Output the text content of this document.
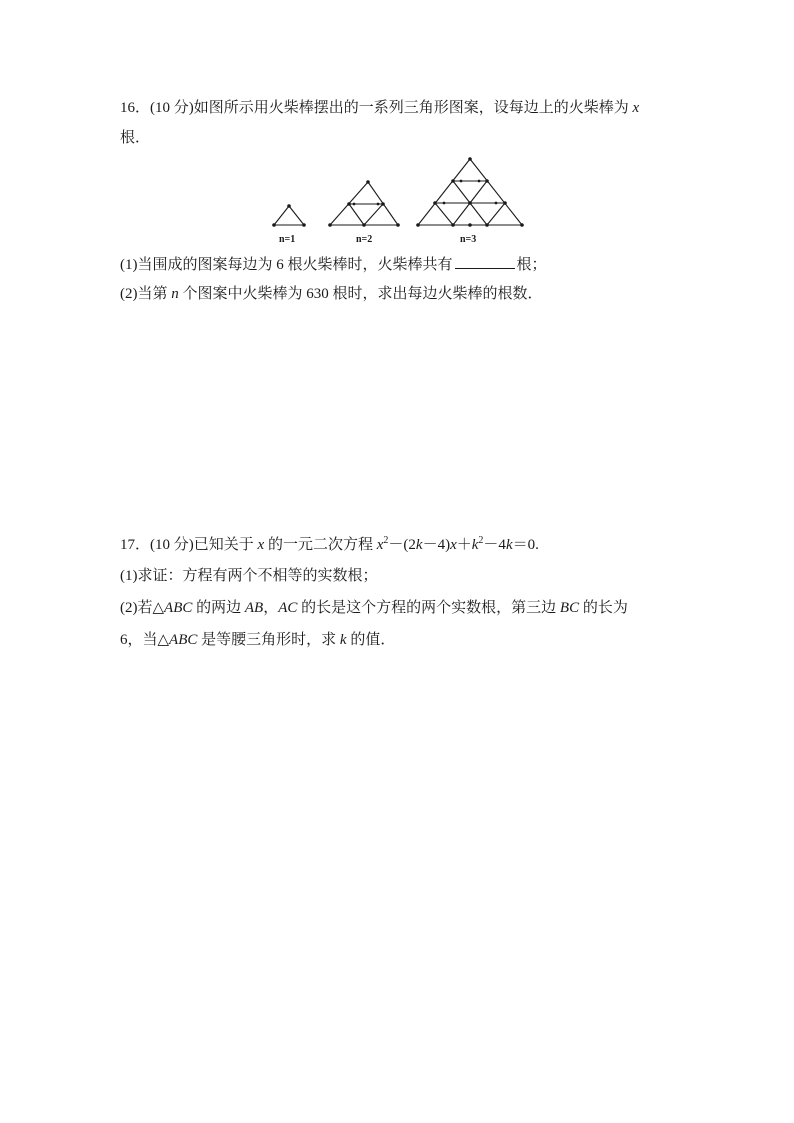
16．(10 分)如图所示用火柴棒摆出的一系列三角形图案，设每边上的火柴棒为 x
根．
n=1	n=2	n=3
(1)当围成的图案每边为 6 根火柴棒时，火柴棒共有	根；
(2)当第 n 个图案中火柴棒为 630 根时，求出每边火柴棒的根数．
17．(10 分)已知关于 x 的一元二次方程 $x^2-(2k-4)x+k^2-4k=0$.
(1)求证：方程有两个不相等的实数根；
(2)若△ABC 的两边 AB，AC 的长是这个方程的两个实数根，第三边 BC 的长为
6，当△ABC 是等腰三角形时，求 k 的值．
